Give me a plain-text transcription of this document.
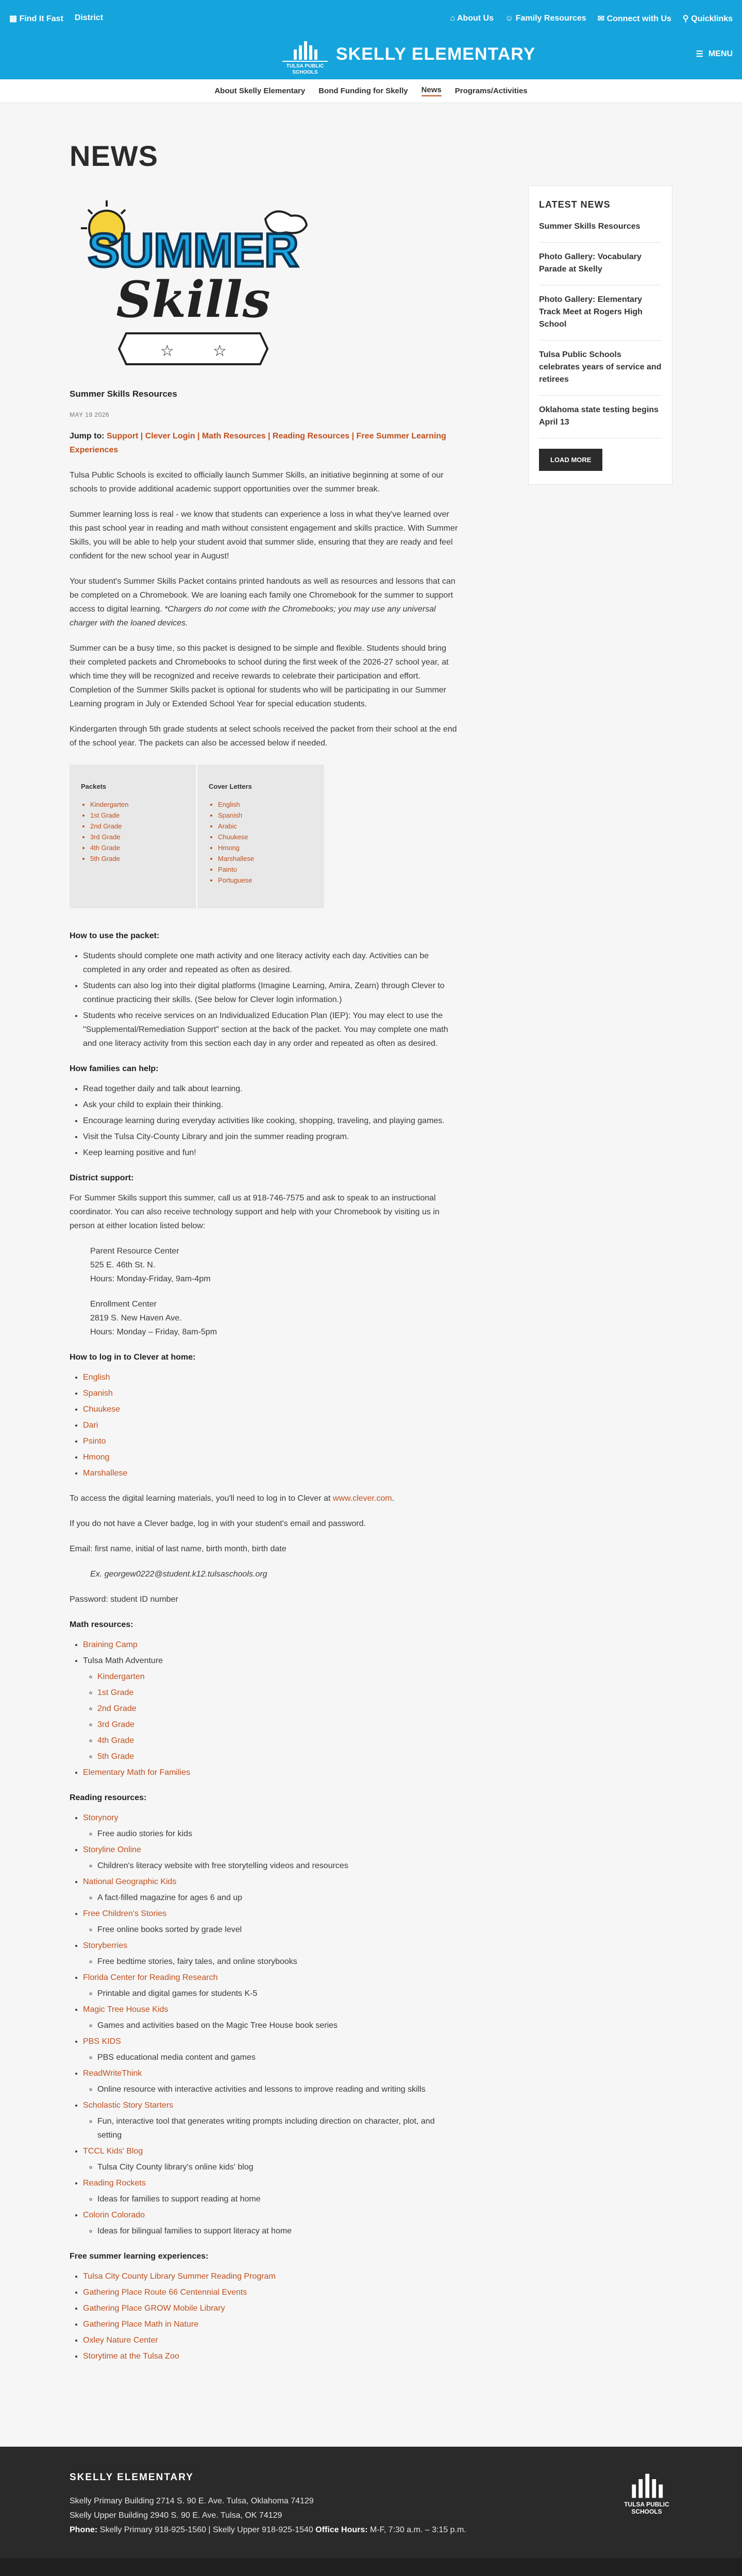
▦ Find It Fast District	⌂ About Us ☺ Family Resources ✉ Connect with Us ⚲ Quicklinks
TULSA PUBLIC SCHOOLS
SKELLY ELEMENTARY	☰ MENU
About Skelly Elementary Bond Funding for Skelly News Programs/Activities
NEWS
SUMMER
Skills
☆	☆
Summer Skills Resources
MAY 19 2026

Jump to: Support | Clever Login | Math Resources | Reading Resources | Free Summer Learning Experiences

Tulsa Public Schools is excited to officially launch Summer Skills, an initiative beginning at some of our schools to provide additional academic support opportunities over the summer break.

Summer learning loss is real - we know that students can experience a loss in what they've learned over this past school year in reading and math without consistent engagement and skills practice. With Summer Skills, you will be able to help your student avoid that summer slide, ensuring that they are ready and feel confident for the new school year in August!

Your student's Summer Skills Packet contains printed handouts as well as resources and lessons that can be completed on a Chromebook. We are loaning each family one Chromebook for the summer to support access to digital learning. *Chargers do not come with the Chromebooks; you may use any universal charger with the loaned devices.

Summer can be a busy time, so this packet is designed to be simple and flexible. Students should bring their completed packets and Chromebooks to school during the first week of the 2026-27 school year, at which time they will be recognized and receive rewards to celebrate their participation and effort. Completion of the Summer Skills packet is optional for students who will be participating in our Summer Learning program in July or Extended School Year for special education students.

Kindergarten through 5th grade students at select schools received the packet from their school at the end of the school year. The packets can also be accessed below if needed.

Packets
• Kindergarten
• 1st Grade
• 2nd Grade
• 3rd Grade
• 4th Grade
• 5th Grade
Cover Letters
• English
• Spanish
• Arabic
• Chuukese
• Hmong
• Marshallese
• Painto
• Portuguese
How to use the packet:
• Students should complete one math activity and one literacy activity each day. Activities can be completed in any order and repeated as often as desired.
• Students can also log into their digital platforms (Imagine Learning, Amira, Zearn) through Clever to continue practicing their skills. (See below for Clever login information.)
• Students who receive services on an Individualized Education Plan (IEP): You may elect to use the "Supplemental/Remediation Support" section at the back of the packet. You may complete one math and one literacy activity from this section each day in any order and repeated as often as desired.
How families can help:
• Read together daily and talk about learning.
• Ask your child to explain their thinking.
• Encourage learning during everyday activities like cooking, shopping, traveling, and playing games.
• Visit the Tulsa City-County Library and join the summer reading program.
• Keep learning positive and fun!
District support:

For Summer Skills support this summer, call us at 918-746-7575 and ask to speak to an instructional coordinator. You can also receive technology support and help with your Chromebook by visiting us in person at either location listed below:

Parent Resource Center
525 E. 46th St. N.
Hours: Monday-Friday, 9am-4pm
Enrollment Center
2819 S. New Haven Ave.
Hours: Monday – Friday, 8am-5pm
How to log in to Clever at home:
• English
• Spanish
• Chuukese
• Dari
• Psinto
• Hmong
• Marshallese

To access the digital learning materials, you'll need to log in to Clever at www.clever.com.

If you do not have a Clever badge, log in with your student's email and password.

Email: first name, initial of last name, birth month, birth date

Ex. georgew0222@student.k12.tulsaschools.org

Password: student ID number

Math resources:
• Braining Camp
• Tulsa Math Adventure
◦ Kindergarten
◦ 1st Grade
◦ 2nd Grade
◦ 3rd Grade
◦ 4th Grade
◦ 5th Grade
• Elementary Math for Families
Reading resources:
• Storynory
◦ Free audio stories for kids
• Storyline Online
◦ Children's literacy website with free storytelling videos and resources
• National Geographic Kids
◦ A fact-filled magazine for ages 6 and up
• Free Children's Stories
◦ Free online books sorted by grade level
• Storyberries
◦ Free bedtime stories, fairy tales, and online storybooks
• Florida Center for Reading Research
◦ Printable and digital games for students K-5
• Magic Tree House Kids
◦ Games and activities based on the Magic Tree House book series
• PBS KIDS
◦ PBS educational media content and games
• ReadWriteThink
◦ Online resource with interactive activities and lessons to improve reading and writing skills
• Scholastic Story Starters
◦ Fun, interactive tool that generates writing prompts including direction on character, plot, and setting
• TCCL Kids' Blog
◦ Tulsa City County library's online kids' blog
• Reading Rockets
◦ Ideas for families to support reading at home
• Colorin Colorado
◦ Ideas for bilingual families to support literacy at home
Free summer learning experiences:
• Tulsa City County Library Summer Reading Program
• Gathering Place Route 66 Centennial Events
• Gathering Place GROW Mobile Library
• Gathering Place Math in Nature
• Oxley Nature Center
• Storytime at the Tulsa Zoo
LATEST NEWS
Summer Skills Resources
Photo Gallery: Vocabulary Parade at Skelly
Photo Gallery: Elementary Track Meet at Rogers High School
Tulsa Public Schools celebrates years of service and retirees
Oklahoma state testing begins April 13
LOAD MORE
SKELLY ELEMENTARY
Skelly Primary Building 2714 S. 90 E. Ave. Tulsa, Oklahoma 74129
Skelly Upper Building 2940 S. 90 E. Ave. Tulsa, OK 74129
Phone: Skelly Primary 918-925-1560 | Skelly Upper 918-925-1540 Office Hours: M-F, 7:30 a.m. – 3:15 p.m.
TULSA PUBLIC SCHOOLS
